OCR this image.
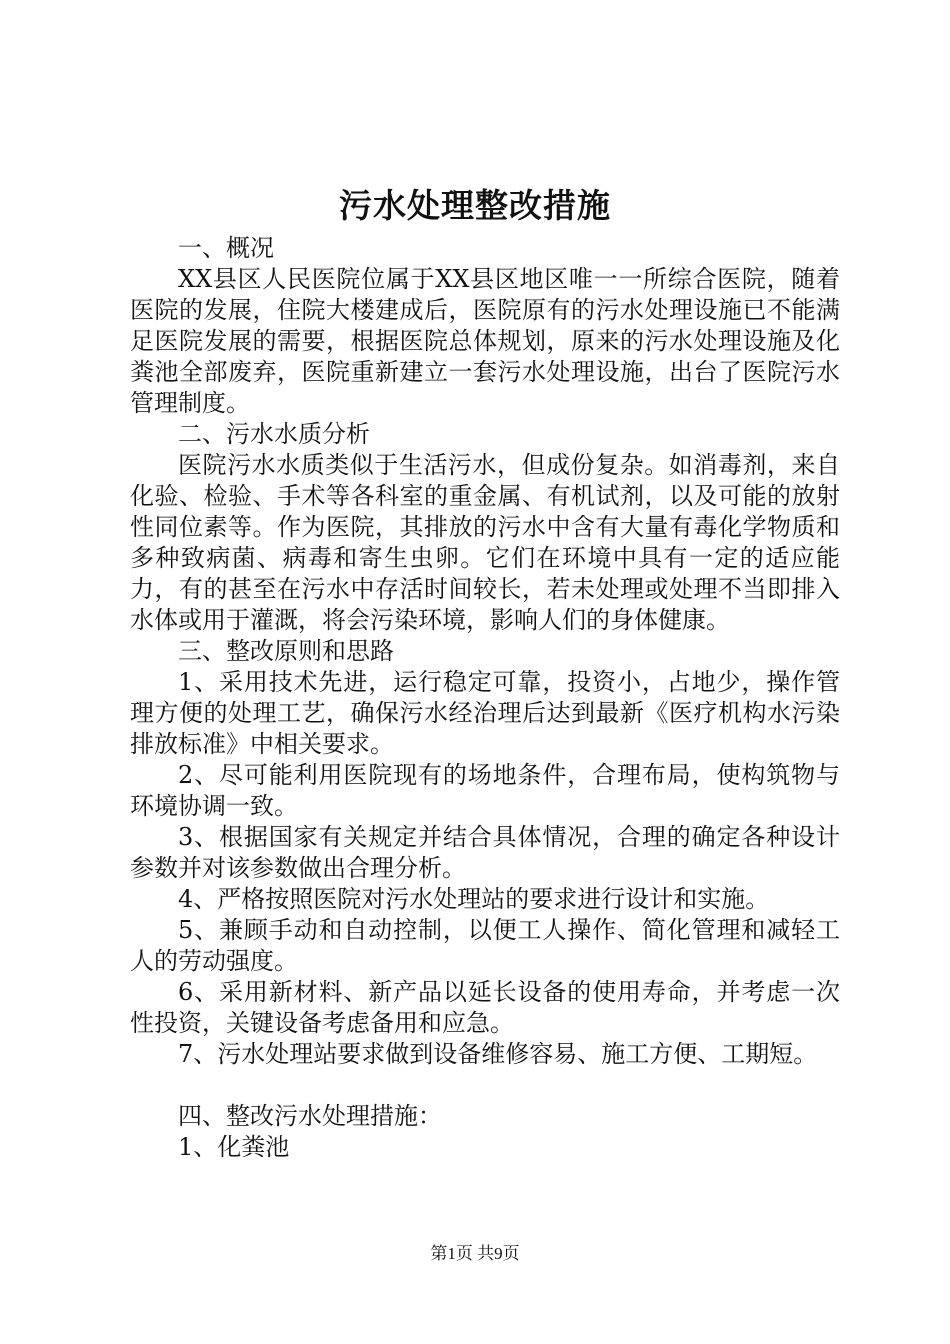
污水处理整改措施

一、概况

XX县区人民医院位属于XX县区地区唯一一所综合医院，随着医院的发展，住院大楼建成后，医院原有的污水处理设施已不能满足医院发展的需要，根据医院总体规划，原来的污水处理设施及化粪池全部废弃，医院重新建立一套污水处理设施，出台了医院污水管理制度。

二、污水水质分析

医院污水水质类似于生活污水，但成份复杂。如消毒剂，来自化验、检验、手术等各科室的重金属、有机试剂，以及可能的放射性同位素等。作为医院，其排放的污水中含有大量有毒化学物质和多种致病菌、病毒和寄生虫卵。它们在环境中具有一定的适应能力，有的甚至在污水中存活时间较长，若未处理或处理不当即排入水体或用于灌溉，将会污染环境，影响人们的身体健康。

三、整改原则和思路

1、采用技术先进，运行稳定可靠，投资小，占地少，操作管理方便的处理工艺，确保污水经治理后达到最新《医疗机构水污染排放标准》中相关要求。

2、尽可能利用医院现有的场地条件，合理布局，使构筑物与环境协调一致。

3、根据国家有关规定并结合具体情况，合理的确定各种设计参数并对该参数做出合理分析。

4、严格按照医院对污水处理站的要求进行设计和实施。

5、兼顾手动和自动控制，以便工人操作、简化管理和减轻工人的劳动强度。

6、采用新材料、新产品以延长设备的使用寿命，并考虑一次性投资，关键设备考虑备用和应急。

7、污水处理站要求做到设备维修容易、施工方便、工期短。

四、整改污水处理措施：

1、化粪池

第1页 共9页
